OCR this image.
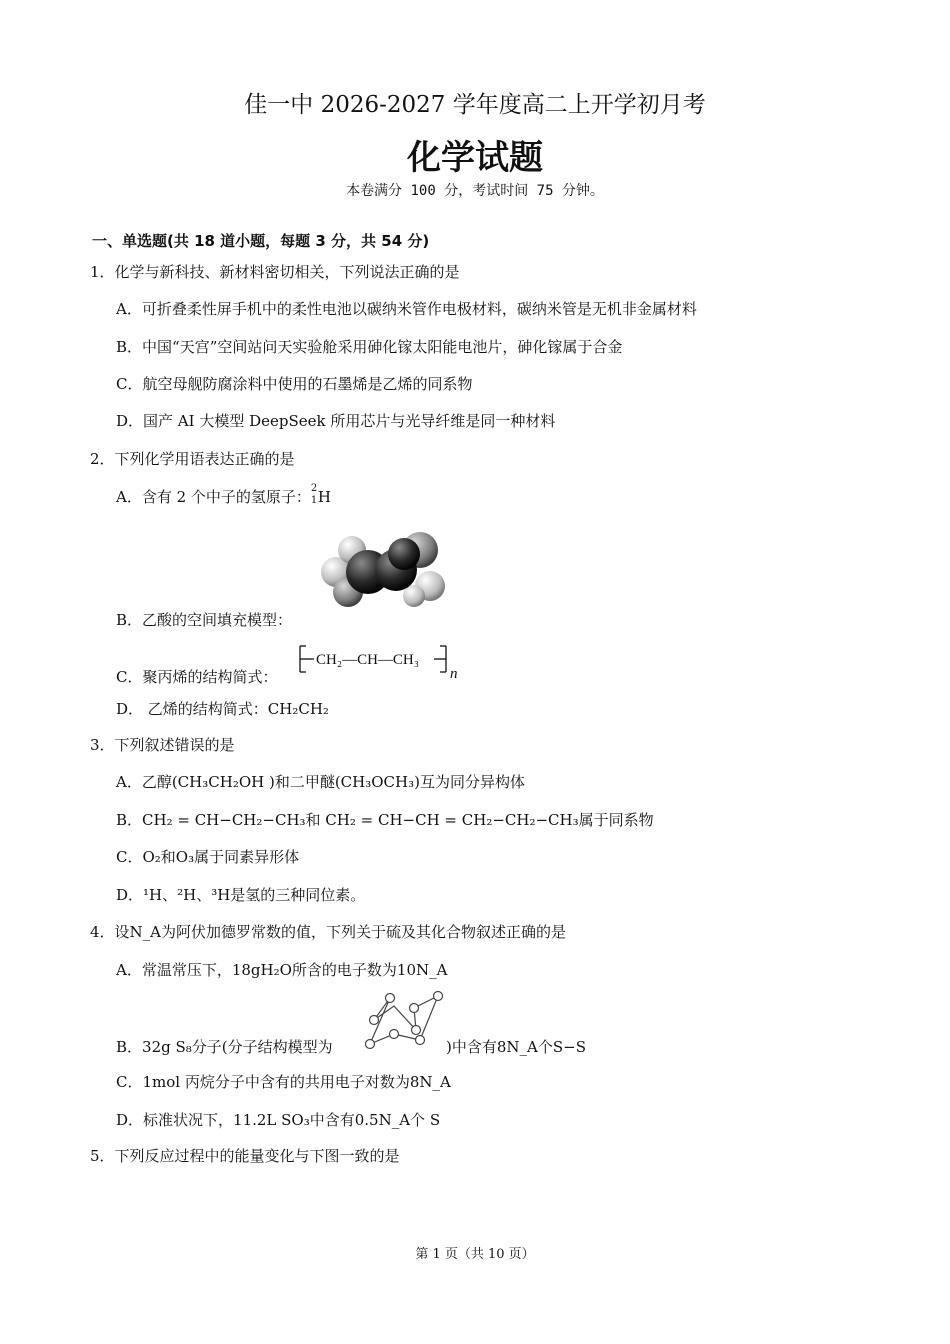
佳一中 2026-2027 学年度高二上开学初月考
化学试题
本卷满分 100 分，考试时间 75 分钟。
一、单选题(共 18 道小题，每题 3 分，共 54 分)
1．化学与新科技、新材料密切相关，下列说法正确的是
A．可折叠柔性屏手机中的柔性电池以碳纳米管作电极材料，碳纳米管是无机非金属材料
B．中国“天宫”空间站问天实验舱采用砷化镓太阳能电池片，砷化镓属于合金
C．航空母舰防腐涂料中使用的石墨烯是乙烯的同系物
D．国产 AI 大模型 DeepSeek 所用芯片与光导纤维是同一种材料
2．下列化学用语表达正确的是
A．含有 2 个中子的氢原子： 2
1 H
B．乙酸的空间填充模型：
C．聚丙烯的结构简式：
CH₂—CH—CH₃
n
D． 乙烯的结构简式：CH₂CH₂
3．下列叙述错误的是
A．乙醇(CH₃CH₂OH )和二甲醚(CH₃OCH₃)互为同分异构体
B．CH₂ = CH−CH₂−CH₃和 CH₂ = CH−CH = CH₂−CH₂−CH₃属于同系物
C．O₂和O₃属于同素异形体
D．¹H、²H、³H是氢的三种同位素。
4．设N_A为阿伏加德罗常数的值，下列关于硫及其化合物叙述正确的是
A．常温常压下，18gH₂O所含的电子数为10N_A
B．32g S₈分子(分子结构模型为	)中含有8N_A个S−S
C．1mol 丙烷分子中含有的共用电子对数为8N_A
D．标准状况下，11.2L SO₃中含有0.5N_A个 S
5．下列反应过程中的能量变化与下图一致的是
第 1 页（共 10 页）
